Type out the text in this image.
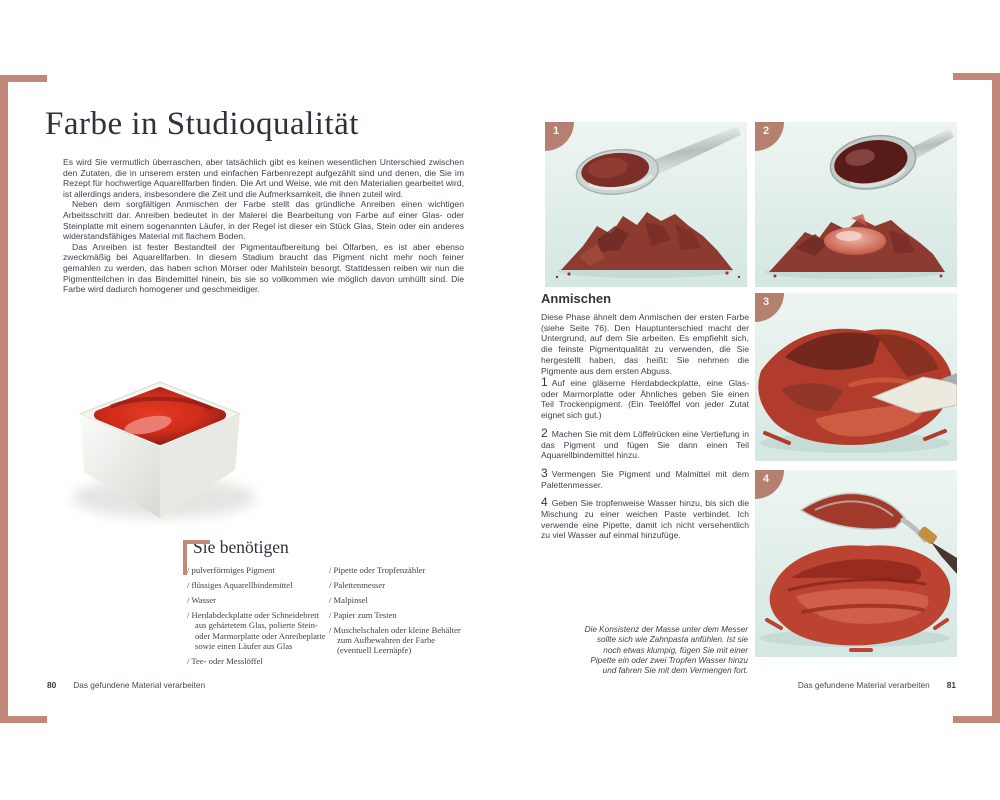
Farbe in Studioqualität

Es wird Sie vermutlich überraschen, aber tatsächlich gibt es keinen wesentlichen Unterschied zwischen den Zutaten, die in unserem ersten und einfachen Farbenrezept aufgezählt sind und denen, die Sie im Rezept für hochwertige Aquarellfarben finden. Die Art und Weise, wie mit den Materialien gearbeitet wird, ist allerdings anders, insbesondere die Zeit und die Aufmerksamkeit, die ihnen zuteil wird.

Neben dem sorgfältigen Anmischen der Farbe stellt das gründliche Anreiben einen wichtigen Arbeitsschritt dar. Anreiben bedeutet in der Malerei die Bearbeitung von Farbe auf einer Glas- oder Steinplatte mit einem sogenannten Läufer, in der Regel ist dieser ein Stück Glas, Stein oder ein anderes widerstandsfähiges Material mit flachem Boden.

Das Anreiben ist fester Bestandteil der Pigmentaufbereitung bei Ölfarben, es ist aber ebenso zweckmäßig bei Aquarellfarben. In diesem Stadium braucht das Pigment nicht mehr noch feiner gemahlen zu werden, das haben schon Mörser oder Mahlstein besorgt. Stattdessen reiben wir nun die Pigmentteilchen in das Bindemittel hinein, bis sie so vollkommen wie möglich davon umhüllt sind. Die Farbe wird dadurch homogener und geschmeidiger.

Sie benötigen

/ pulverförmiges Pigment

/ flüssiges Aquarellbindemittel

/ Wasser

/ Herdabdeckplatte oder Schneidebrett aus gehärtetem Glas, polierte Stein- oder Marmorplatte oder Anreibeplatte sowie einen Läufer aus Glas

/ Tee- oder Messlöffel

/ Pipette oder Tropfenzähler

/ Palettenmesser

/ Malpinsel

/ Papier zum Testen

/ Muschelschalen oder kleine Behälter zum Aufbewahren der Farbe (eventuell Leernäpfe)

80 Das gefundene Material verarbeiten
1	2
3
4
Anmischen

Diese Phase ähnelt dem Anmischen der ersten Farbe (siehe Seite 76). Den Hauptunterschied macht der Untergrund, auf dem Sie arbeiten. Es empfiehlt sich, die feinste Pigmentqualität zu verwenden, die Sie hergestellt haben, das heißt: Sie nehmen die Pigmente aus dem ersten Abguss.

1 Auf eine gläserne Herdabdeckplatte, eine Glas- oder Marmorplatte oder Ähnliches geben Sie einen Teil Trockenpigment. (Ein Teelöffel von jeder Zutat eignet sich gut.)

2 Machen Sie mit dem Löffelrücken eine Vertiefung in das Pigment und fügen Sie dann einen Teil Aquarellbindemittel hinzu.

3 Vermengen Sie Pigment und Malmittel mit dem Palettenmesser.

4 Geben Sie tropfenweise Wasser hinzu, bis sich die Mischung zu einer weichen Paste verbindet. Ich verwende eine Pipette, damit ich nicht versehentlich zu viel Wasser auf einmal hinzufüge.

Die Konsistenz der Masse unter dem Messer sollte sich wie Zahnpasta anfühlen. Ist sie noch etwas klumpig, fügen Sie mit einer Pipette ein oder zwei Tropfen Wasser hinzu und fahren Sie mit dem Vermengen fort.

Das gefundene Material verarbeiten 81
